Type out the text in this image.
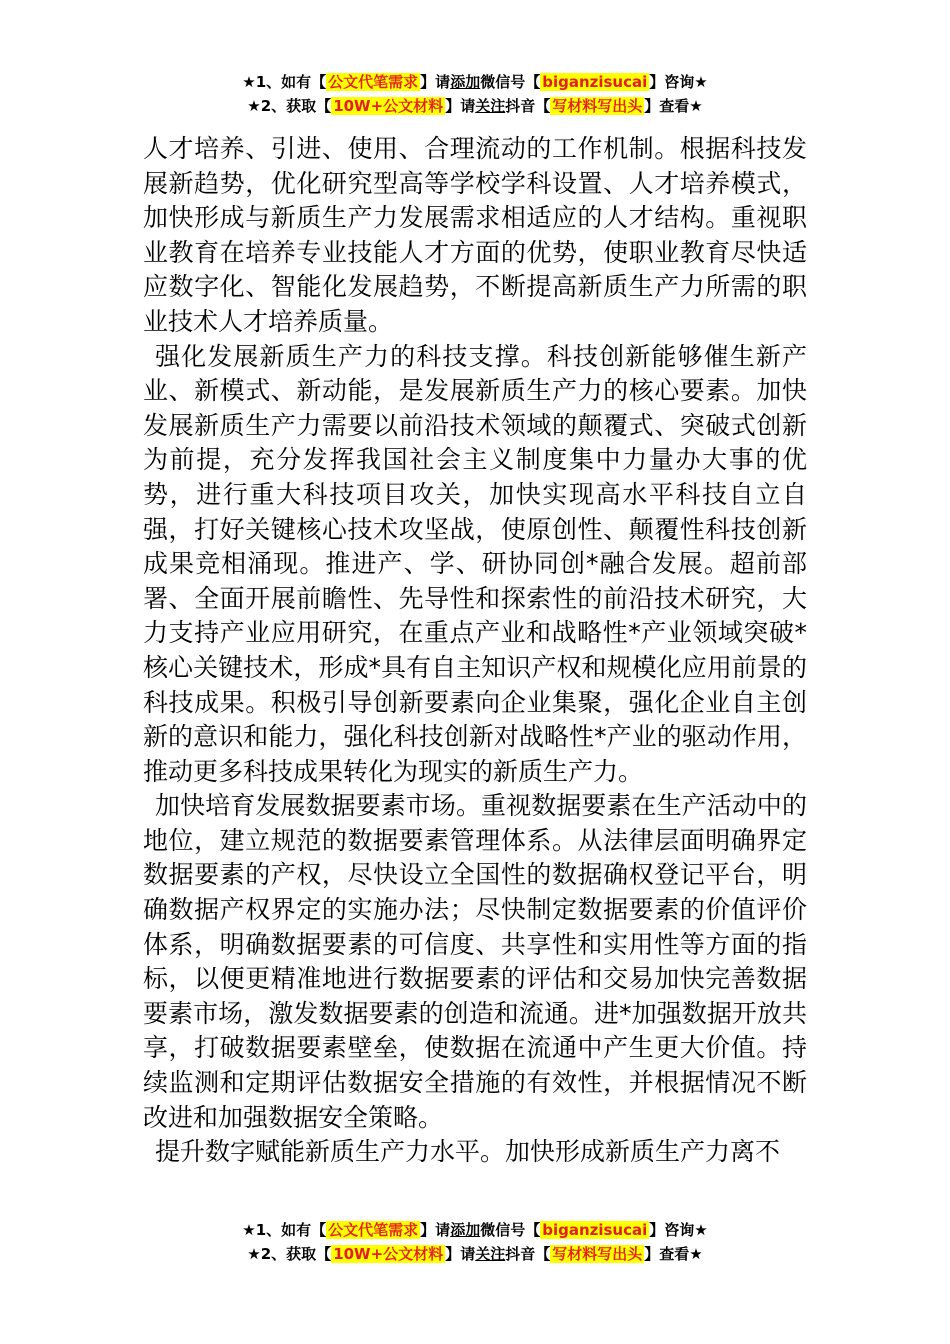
★1、如有【 公文代笔需求 】请添加微信号【 biganzisucai 】咨询★
★2、获取【 10W+公文材料 】请关注抖音【 写材料写出头 】查看★

人才培养、引进、使用、合理流动的工作机制。根据科技发展新趋势，优化研究型高等学校学科设置、人才培养模式，加快形成与新质生产力发展需求相适应的人才结构。重视职业教育在培养专业技能人才方面的优势，使职业教育尽快适应数字化、智能化发展趋势，不断提高新质生产力所需的职业技术人才培养质量。

强化发展新质生产力的科技支撑。科技创新能够催生新产业、新模式、新动能，是发展新质生产力的核心要素。加快发展新质生产力需要以前沿技术领域的颠覆式、突破式创新为前提，充分发挥我国社会主义制度集中力量办大事的优势，进行重大科技项目攻关，加快实现高水平科技自立自强，打好关键核心技术攻坚战，使原创性、颠覆性科技创新成果竞相涌现。推进产、学、研协同创*融合发展。超前部署、全面开展前瞻性、先导性和探索性的前沿技术研究，大力支持产业应用研究，在重点产业和战略性*产业领域突破*核心关键技术，形成*具有自主知识产权和规模化应用前景的科技成果。积极引导创新要素向企业集聚，强化企业自主创新的意识和能力，强化科技创新对战略性*产业的驱动作用，推动更多科技成果转化为现实的新质生产力。

加快培育发展数据要素市场。重视数据要素在生产活动中的地位，建立规范的数据要素管理体系。从法律层面明确界定数据要素的产权，尽快设立全国性的数据确权登记平台，明确数据产权界定的实施办法；尽快制定数据要素的价值评价体系，明确数据要素的可信度、共享性和实用性等方面的指标，以便更精准地进行数据要素的评估和交易加快完善数据要素市场，激发数据要素的创造和流通。进*加强数据开放共享，打破数据要素壁垒，使数据在流通中产生更大价值。持续监测和定期评估数据安全措施的有效性，并根据情况不断改进和加强数据安全策略。

提升数字赋能新质生产力水平。加快形成新质生产力离不

★1、如有【 公文代笔需求 】请添加微信号【 biganzisucai 】咨询★
★2、获取【 10W+公文材料 】请关注抖音【 写材料写出头 】查看★
